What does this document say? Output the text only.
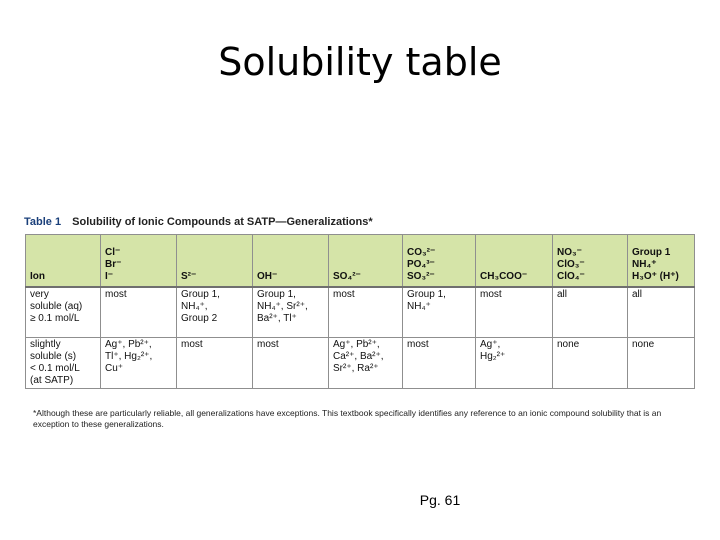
Solubility table
Table 1 Solubility of Ionic Compounds at SATP—Generalizations*
Ion	Cl⁻
Br⁻
I⁻	S²⁻	OH⁻	SO₄²⁻	CO₃²⁻
PO₄³⁻
SO₃²⁻	CH₃COO⁻	NO₃⁻
ClO₃⁻
ClO₄⁻	Group 1
NH₄⁺
H₃O⁺ (H⁺)

very
soluble (aq)
≥ 0.1 mol/L	most	Group 1,
NH₄⁺,
Group 2	Group 1,
NH₄⁺, Sr²⁺,
Ba²⁺, Tl⁺	most	Group 1,
NH₄⁺	most	all	all

slightly
soluble (s)
< 0.1 mol/L
(at SATP)	Ag⁺, Pb²⁺,
Tl⁺, Hg₂²⁺,
Cu⁺	most	most	Ag⁺, Pb²⁺,
Ca²⁺, Ba²⁺,
Sr²⁺, Ra²⁺	most	Ag⁺,
Hg₂²⁺	none	none
*Although these are particularly reliable, all generalizations have exceptions. This textbook specifically identifies any reference to an ionic compound solubility that is an exception to these generalizations.
Pg. 61
